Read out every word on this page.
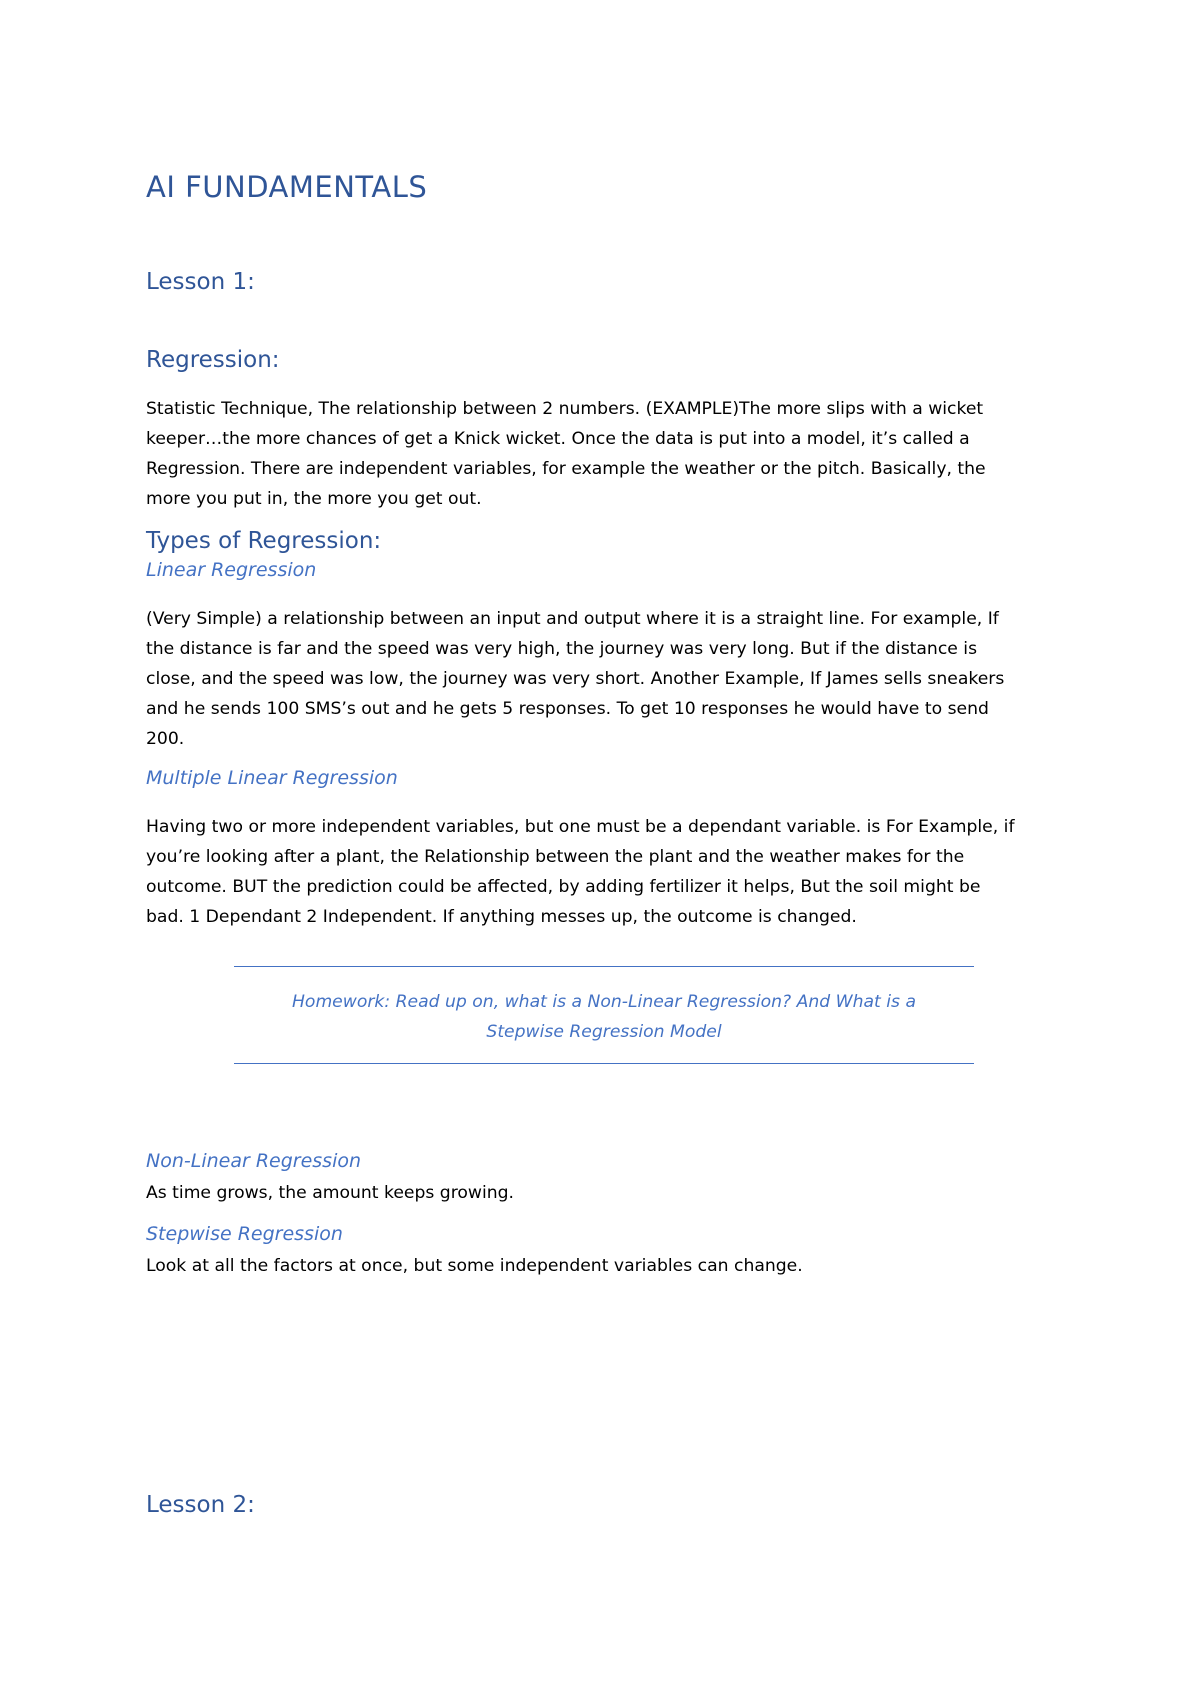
AI FUNDAMENTALS
Lesson 1:
Regression:

Statistic Technique, The relationship between 2 numbers. (EXAMPLE)The more slips with a wicket
keeper…the more chances of get a Knick wicket. Once the data is put into a model, it’s called a
Regression. There are independent variables, for example the weather or the pitch. Basically, the
more you put in, the more you get out.

Types of Regression:
Linear Regression

(Very Simple) a relationship between an input and output where it is a straight line. For example, If
the distance is far and the speed was very high, the journey was very long. But if the distance is
close, and the speed was low, the journey was very short. Another Example, If James sells sneakers
and he sends 100 SMS’s out and he gets 5 responses. To get 10 responses he would have to send
200.

Multiple Linear Regression

Having two or more independent variables, but one must be a dependant variable. is For Example, if
you’re looking after a plant, the Relationship between the plant and the weather makes for the
outcome. BUT the prediction could be affected, by adding fertilizer it helps, But the soil might be
bad. 1 Dependant 2 Independent. If anything messes up, the outcome is changed.

Homework: Read up on, what is a Non-Linear Regression? And What is a
Stepwise Regression Model

Non-Linear Regression

As time grows, the amount keeps growing.

Stepwise Regression

Look at all the factors at once, but some independent variables can change.

Lesson 2:
